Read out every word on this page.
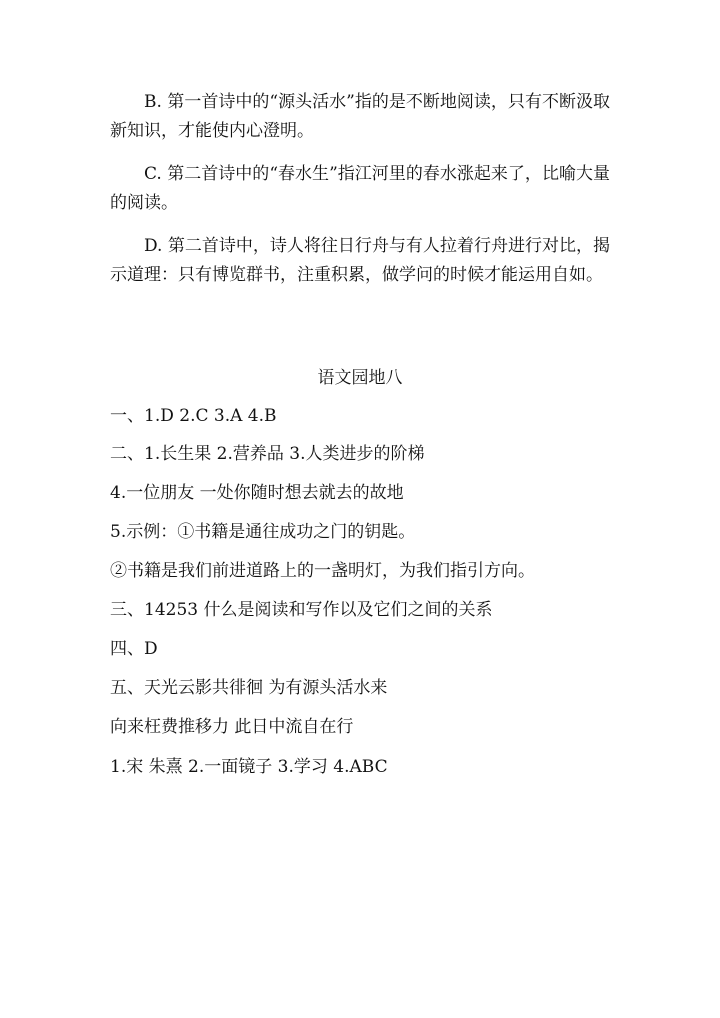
B. 第一首诗中的“源头活水”指的是不断地阅读，只有不断汲取新知识，才能使内心澄明。

C. 第二首诗中的“春水生”指江河里的春水涨起来了，比喻大量的阅读。

D. 第二首诗中，诗人将往日行舟与有人拉着行舟进行对比，揭示道理：只有博览群书，注重积累，做学问的时候才能运用自如。

语文园地八

一、1.D 2.C 3.A 4.B

二、1.长生果 2.营养品 3.人类进步的阶梯

4.一位朋友 一处你随时想去就去的故地

5.示例：①书籍是通往成功之门的钥匙。

②书籍是我们前进道路上的一盏明灯，为我们指引方向。

三、14253 什么是阅读和写作以及它们之间的关系

四、D

五、天光云影共徘徊 为有源头活水来

向来枉费推移力 此日中流自在行

1.宋 朱熹 2.一面镜子 3.学习 4.ABC
